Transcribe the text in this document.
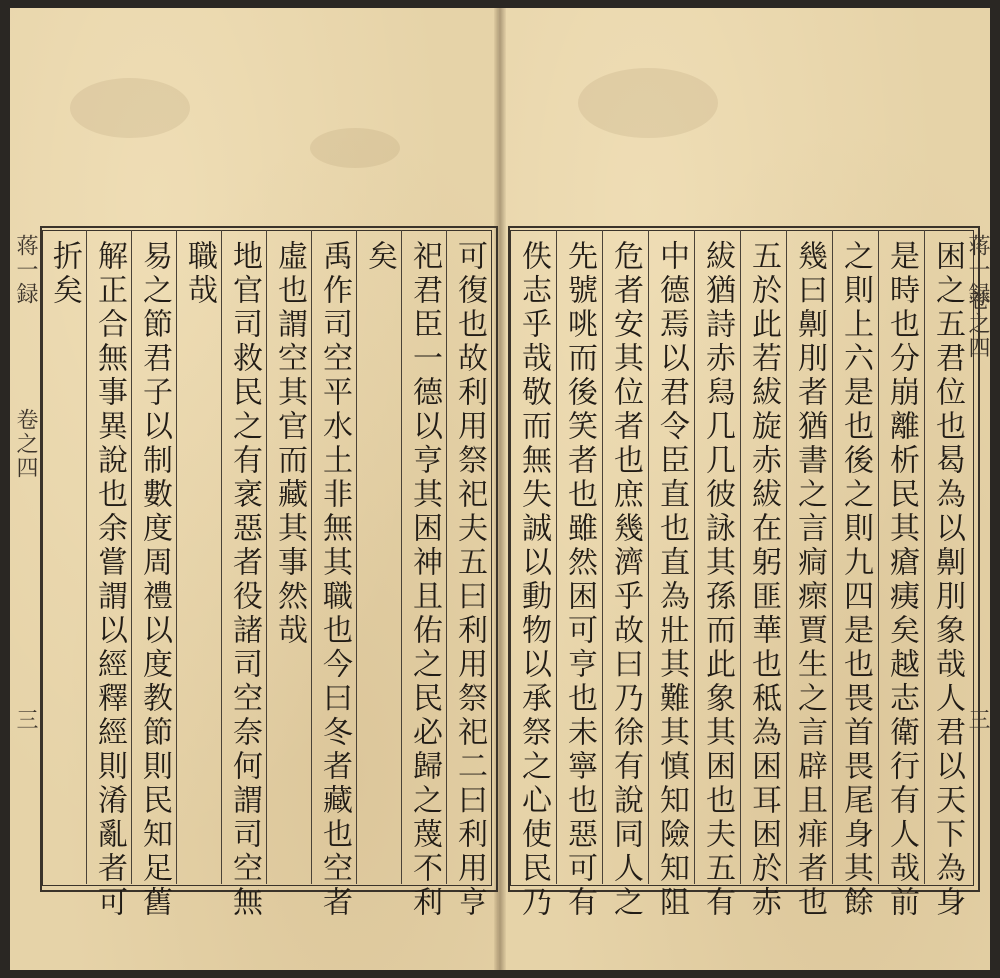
蒋一録
卷之四
三
蒋一録
卷之四
三
困之五君位也曷為以劓刖象哉人君以天下為身
是時也分崩離析民其瘡痍矣越志衛行有人哉前
之則上六是也後之則九四是也畏首畏尾身其餘
幾曰劓刖者猶書之言痌瘝賈生之言辟且痱者也
五於此若紱旋赤紱在躬匪華也秪為困耳困於赤
紱猶詩赤舄几几彼詠其孫而此象其困也夫五有
中德焉以君令臣直也直為壯其難其慎知險知阻
危者安其位者也庶幾濟乎故曰乃徐有說同人之
先號咷而後笑者也雖然困可亨也未寧也惡可有
佚志乎哉敬而無失誠以動物以承祭之心使民乃
可復也故利用祭祀夫五曰利用祭祀二曰利用亨
祀君臣一德以亨其困神且佑之民必歸之蔑不利
矣
禹作司空平水土非無其職也今曰冬者藏也空者
虛也謂空其官而藏其事然哉
地官司救民之有衺惡者役諸司空奈何謂司空無
職哉
易之節君子以制數度周禮以度教節則民知足舊
解正合無事異說也余嘗謂以經釋經則淆亂者可
折矣
